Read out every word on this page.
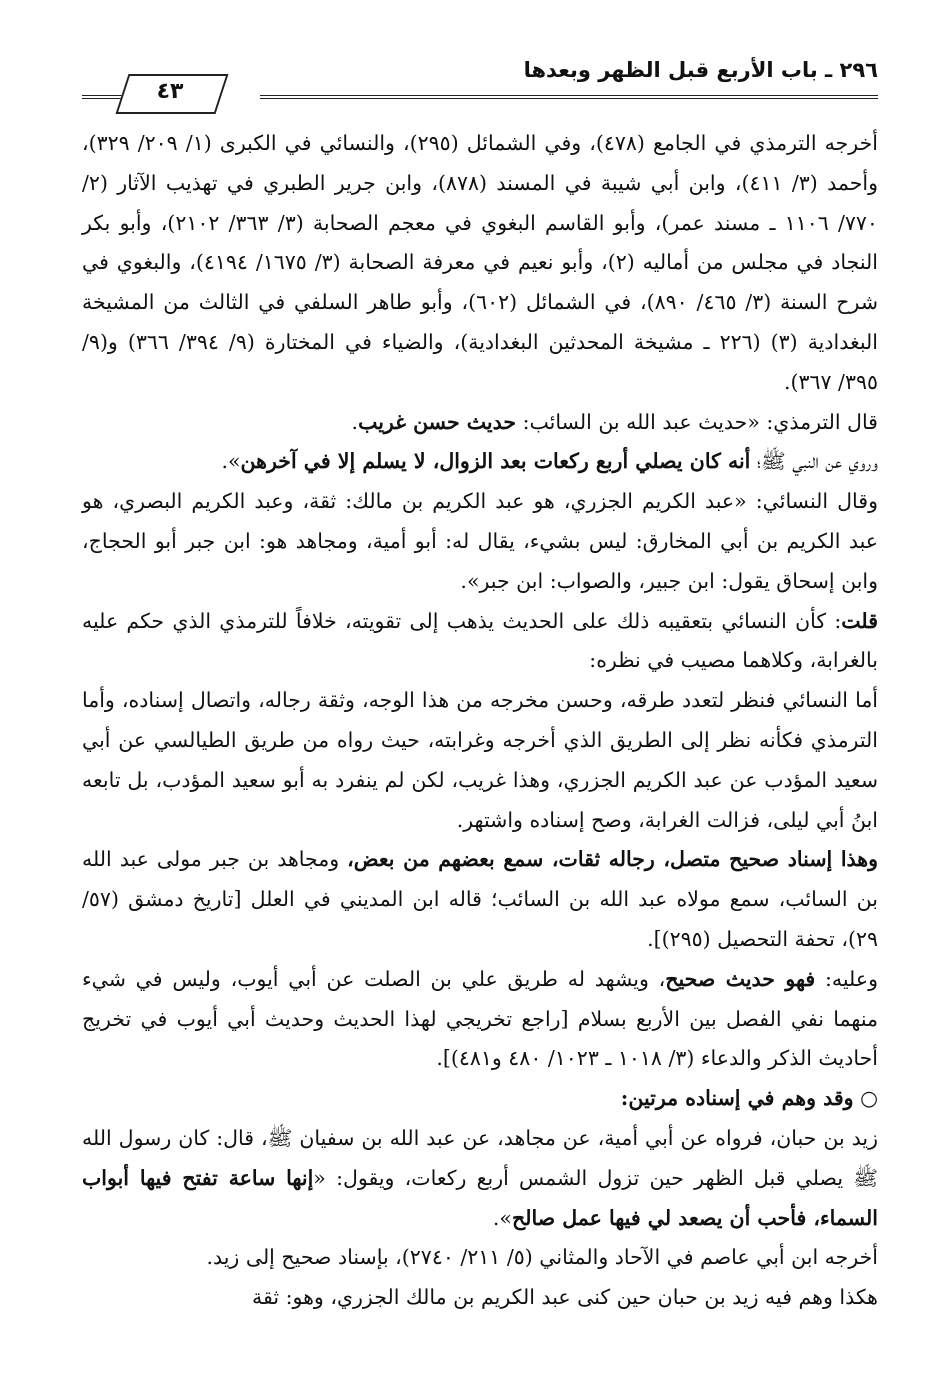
٢٩٦ ـ باب الأربع قبل الظهر وبعدها
٤٣

أخرجه الترمذي في الجامع (٤٧٨)، وفي الشمائل (٢٩٥)، والنسائي في الكبرى (١/ ٢٠٩/ ٣٢٩)، وأحمد (٣/ ٤١١)، وابن أبي شيبة في المسند (٨٧٨)، وابن جرير الطبري في تهذيب الآثار (٢/ ٧٧٠/ ١١٠٦ ـ مسند عمر)، وأبو القاسم البغوي في معجم الصحابة (٣/ ٣٦٣/ ٢١٠٢)، وأبو بكر النجاد في مجلس من أماليه (٢)، وأبو نعيم في معرفة الصحابة (٣/ ١٦٧٥/ ٤١٩٤)، والبغوي في شرح السنة (٣/ ٤٦٥/ ٨٩٠)، في الشمائل (٦٠٢)، وأبو طاهر السلفي في الثالث من المشيخة البغدادية (٣) (٢٢٦ ـ مشيخة المحدثين البغدادية)، والضياء في المختارة (٩/ ٣٩٤/ ٣٦٦) و(٩/ ٣٩٥/ ٣٦٧).

قال الترمذي: «حديث عبد الله بن السائب: حديث حسن غريب.

وروي عن النبي ﷺ؛ أنه كان يصلي أربع ركعات بعد الزوال، لا يسلم إلا في آخرهن».

وقال النسائي: «عبد الكريم الجزري، هو عبد الكريم بن مالك: ثقة، وعبد الكريم البصري، هو عبد الكريم بن أبي المخارق: ليس بشيء، يقال له: أبو أمية، ومجاهد هو: ابن جبر أبو الحجاج، وابن إسحاق يقول: ابن جبير، والصواب: ابن جبر».

قلت: كأن النسائي بتعقيبه ذلك على الحديث يذهب إلى تقويته، خلافاً للترمذي الذي حكم عليه بالغرابة، وكلاهما مصيب في نظره:

أما النسائي فنظر لتعدد طرقه، وحسن مخرجه من هذا الوجه، وثقة رجاله، واتصال إسناده، وأما الترمذي فكأنه نظر إلى الطريق الذي أخرجه وغرابته، حيث رواه من طريق الطيالسي عن أبي سعيد المؤدب عن عبد الكريم الجزري، وهذا غريب، لكن لم ينفرد به أبو سعيد المؤدب، بل تابعه ابنُ أبي ليلى، فزالت الغرابة، وصح إسناده واشتهر.

وهذا إسناد صحيح متصل، رجاله ثقات، سمع بعضهم من بعض، ومجاهد بن جبر مولى عبد الله بن السائب، سمع مولاه عبد الله بن السائب؛ قاله ابن المديني في العلل [تاريخ دمشق (٥٧/ ٢٩)، تحفة التحصيل (٢٩٥)].

وعليه: فهو حديث صحيح، ويشهد له طريق علي بن الصلت عن أبي أيوب، وليس في شيء منهما نفي الفصل بين الأربع بسلام [راجع تخريجي لهذا الحديث وحديث أبي أيوب في تخريج أحاديث الذكر والدعاء (٣/ ١٠١٨ ـ ١٠٢٣/ ٤٨٠ و٤٨١)].

○ وقد وهم في إسناده مرتين:

زيد بن حبان، فرواه عن أبي أمية، عن مجاهد، عن عبد الله بن سفيان ﷺ، قال: كان رسول الله ﷺ يصلي قبل الظهر حين تزول الشمس أربع ركعات، ويقول: «إنها ساعة تفتح فيها أبواب السماء، فأحب أن يصعد لي فيها عمل صالح».

أخرجه ابن أبي عاصم في الآحاد والمثاني (٥/ ٢١١/ ٢٧٤٠)، بإسناد صحيح إلى زيد.

هكذا وهم فيه زيد بن حبان حين كنى عبد الكريم بن مالك الجزري، وهو: ثقة
